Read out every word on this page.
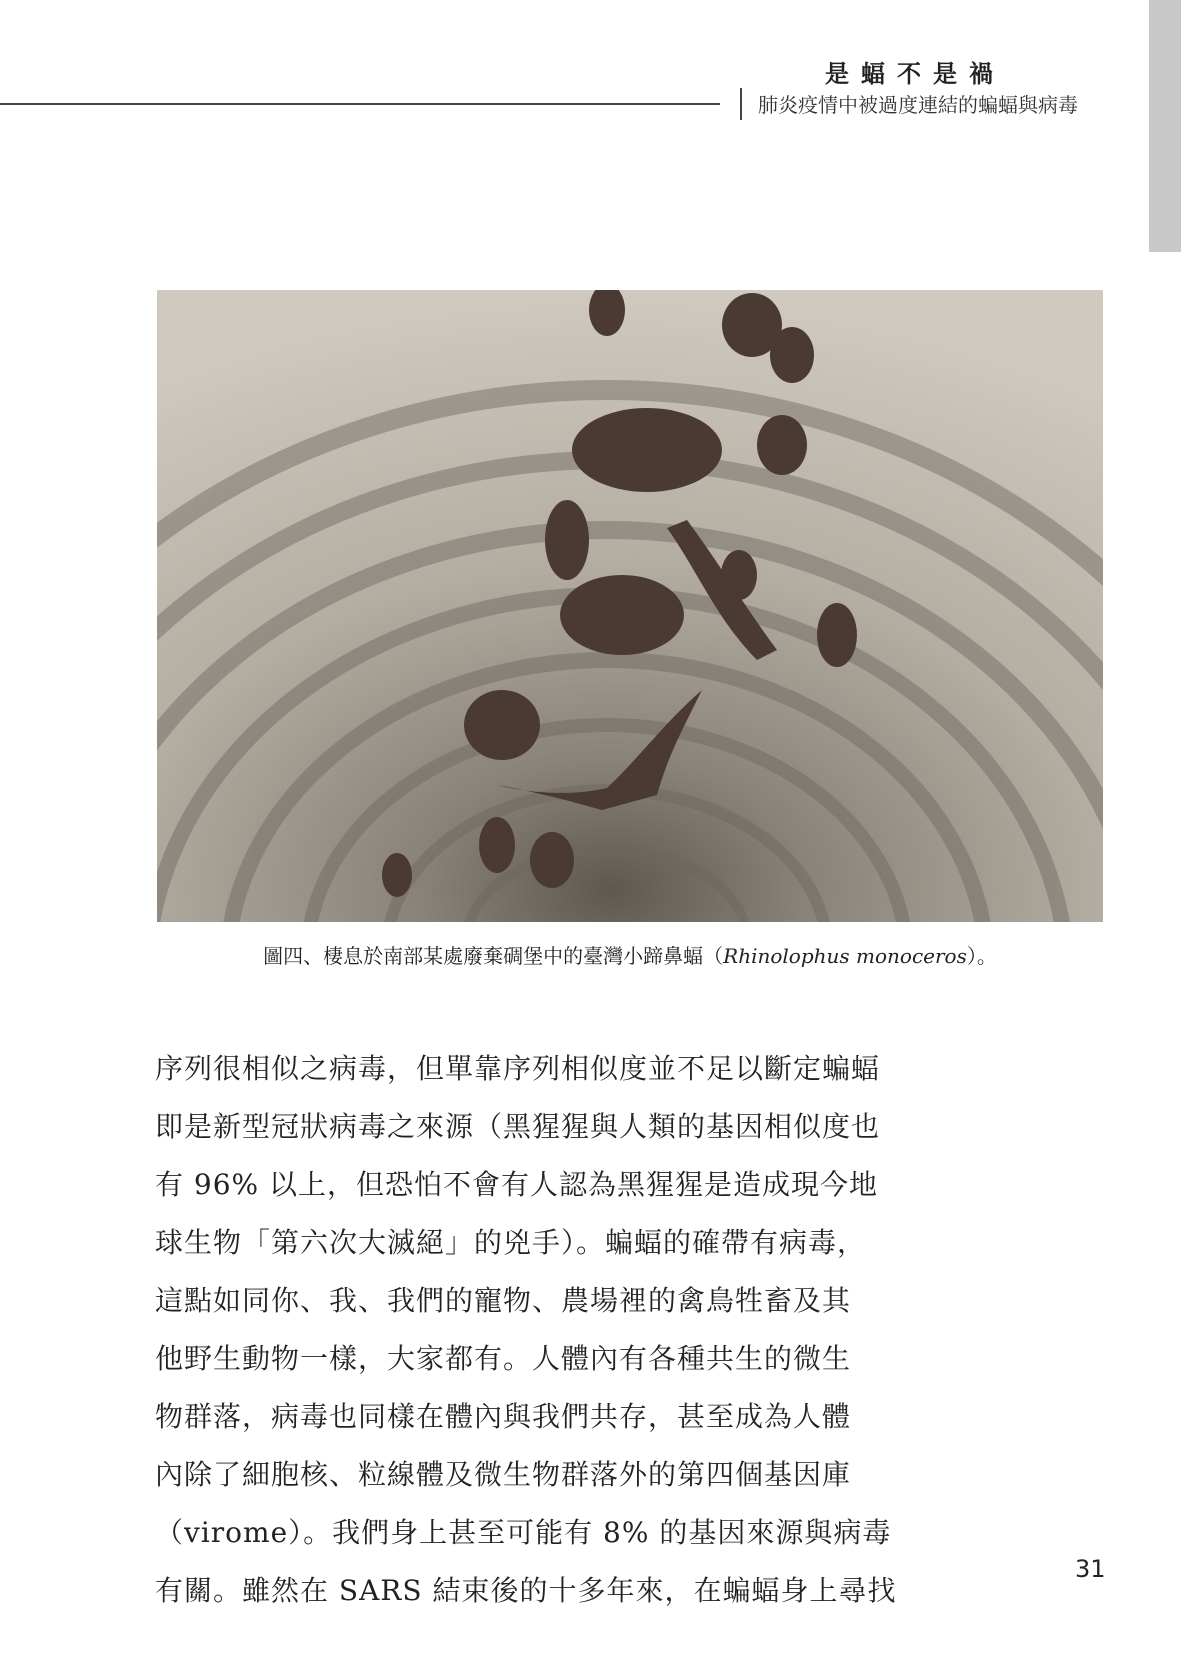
是蝠不是禍
肺炎疫情中被過度連結的蝙蝠與病毒
圖四、棲息於南部某處廢棄碉堡中的臺灣小蹄鼻蝠（Rhinolophus monoceros）。
序列很相似之病毒，但單靠序列相似度並不足以斷定蝙蝠
即是新型冠狀病毒之來源（黑猩猩與人類的基因相似度也
有 96% 以上，但恐怕不會有人認為黑猩猩是造成現今地
球生物「第六次大滅絕」的兇手）。蝙蝠的確帶有病毒，
這點如同你、我、我們的寵物、農場裡的禽鳥牲畜及其
他野生動物一樣，大家都有。人體內有各種共生的微生
物群落，病毒也同樣在體內與我們共存，甚至成為人體
內除了細胞核、粒線體及微生物群落外的第四個基因庫
（virome）。我們身上甚至可能有 8% 的基因來源與病毒
有關。雖然在 SARS 結束後的十多年來，在蝙蝠身上尋找
31
